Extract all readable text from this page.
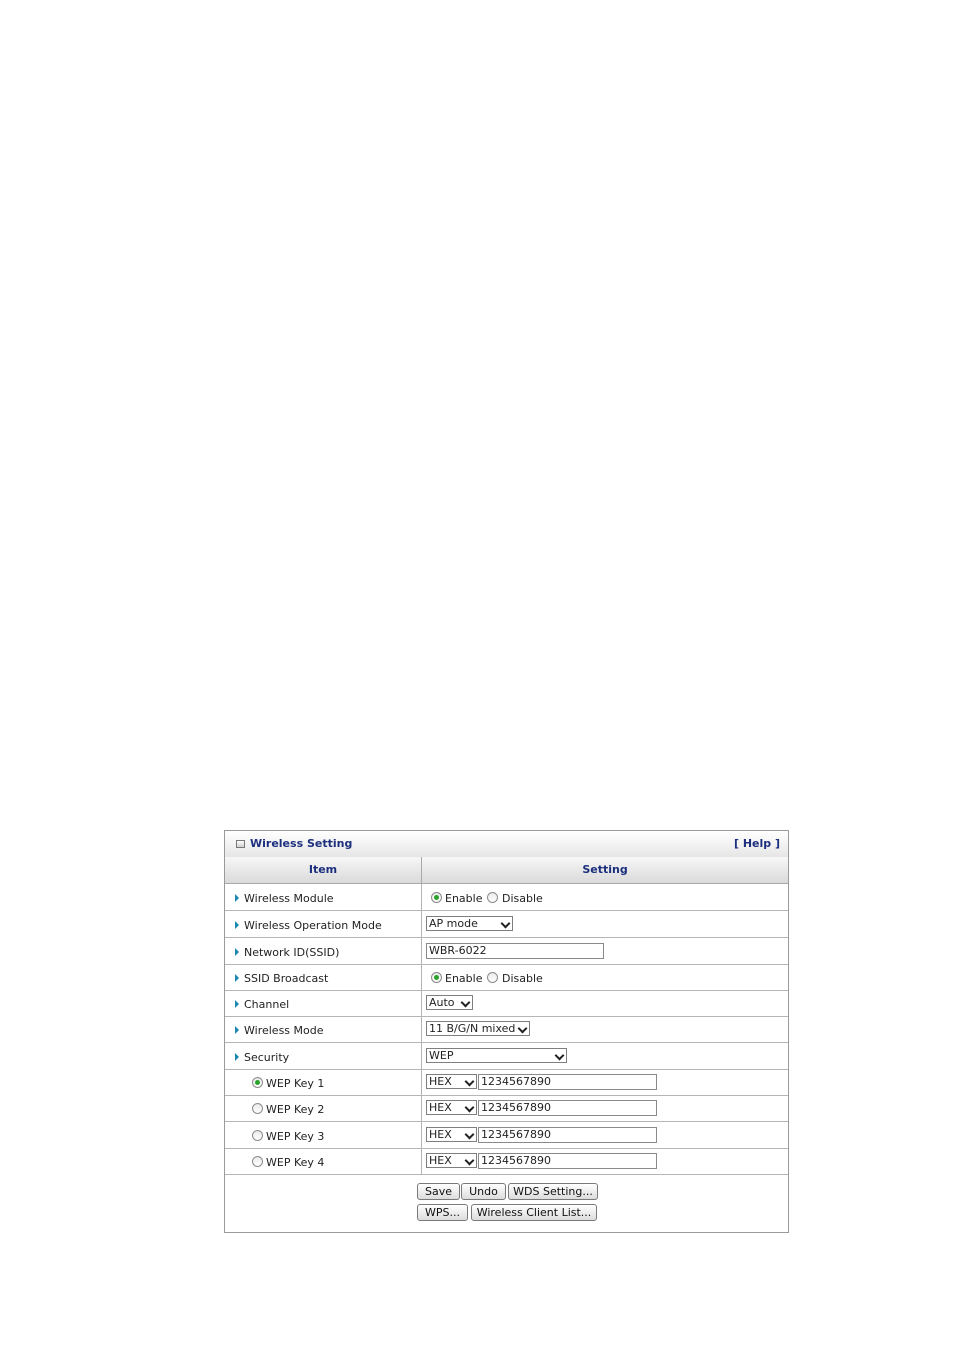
Wireless Setting	[ Help ]
Item	Setting
Wireless Module	Enable Disable
Wireless Operation Mode	AP mode
Network ID(SSID)	WBR-6022
SSID Broadcast	Enable Disable
Channel	Auto
Wireless Mode	11 B/G/N mixed
Security	WEP
WEP Key 1	HEX	1234567890
WEP Key 2	HEX	1234567890
WEP Key 3	HEX	1234567890
WEP Key 4	HEX	1234567890
Save	Undo	WDS Setting...
WPS...	Wireless Client List...
